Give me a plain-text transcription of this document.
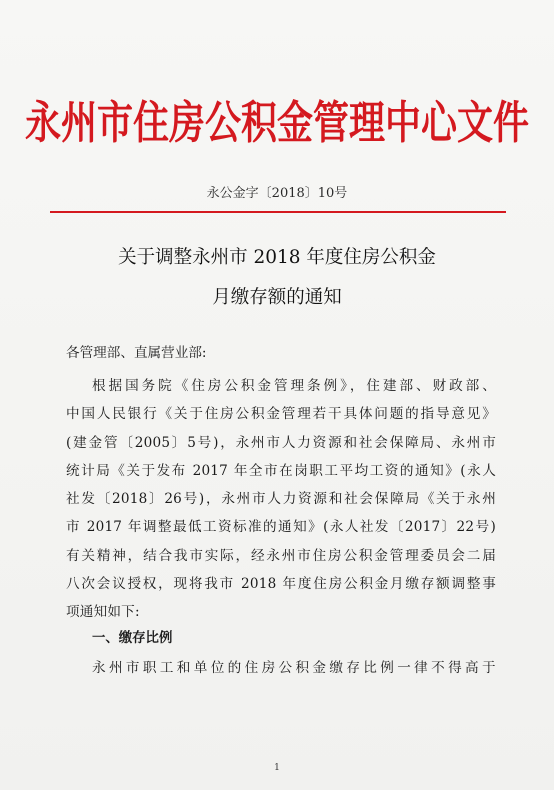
永州市住房公积金管理中心文件
永公金字〔2018〕10号
关于调整永州市 2018 年度住房公积金
月缴存额的通知
各管理部、直属营业部:
根据国务院《住房公积金管理条例》，住建部、财政部、
中国人民银行《关于住房公积金管理若干具体问题的指导意见》
(建金管〔2005〕5号)，永州市人力资源和社会保障局、永州市
统计局《关于发布 2017 年全市在岗职工平均工资的通知》(永人
社发〔2018〕26号)，永州市人力资源和社会保障局《关于永州
市 2017 年调整最低工资标准的通知》(永人社发〔2017〕22号)
有关精神，结合我市实际，经永州市住房公积金管理委员会二届
八次会议授权，现将我市 2018 年度住房公积金月缴存额调整事
项通知如下:
一、缴存比例
永州市职工和单位的住房公积金缴存比例一律不得高于
1
